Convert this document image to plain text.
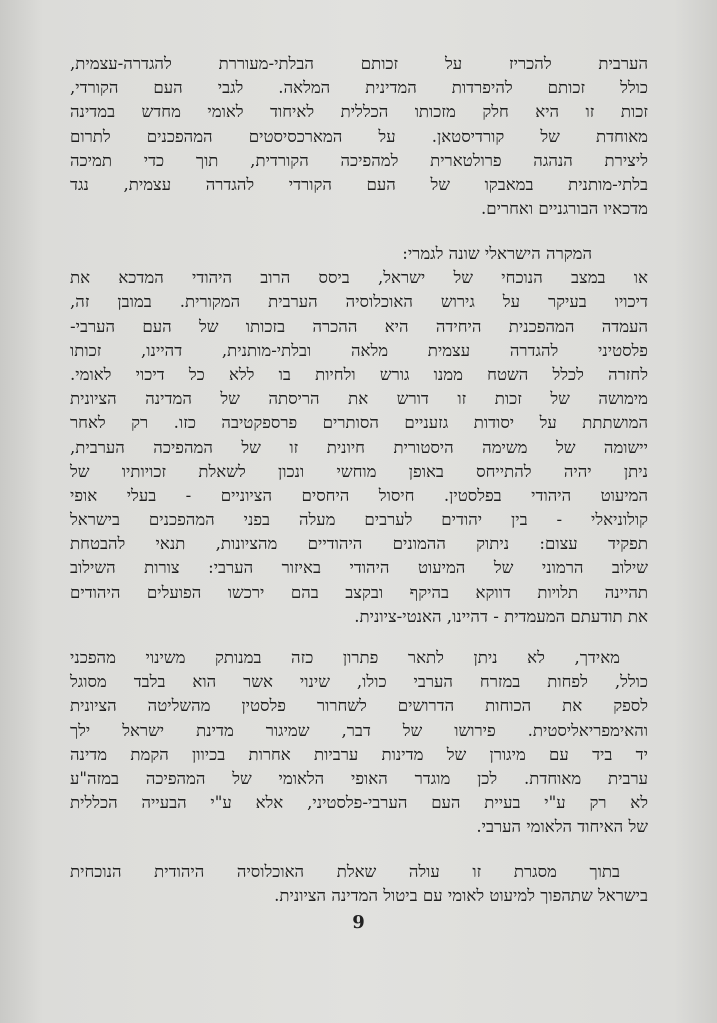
הערבית להכריז על זכותם הבלתי-מעוררת להגדרה-עצמית,
כולל זכותם להיפרדות המדינית המלאה. לגבי העם הקורדי,
זכות זו היא חלק מזכותו הכללית לאיחוד לאומי מחדש במדינה
מאוחדת של קורדיסטאן. על המארכסיסטים המהפכנים לתרום
ליצירת הנהגה פרולטארית למהפיכה הקורדית, תוך כדי תמיכה
בלתי-מותנית במאבקו של העם הקורדי להגדרה עצמית, נגד
מדכאיו הבורגניים ואחרים.
המקרה הישראלי שונה לגמרי:
או במצב הנוכחי של ישראל, ביסס הרוב היהודי המדכא את
דיכויו בעיקר על גירוש האוכלוסיה הערבית המקורית. במובן זה,
העמדה המהפכנית היחידה היא ההכרה בזכותו של העם הערבי-
פלסטיני להגדרה עצמית מלאה ובלתי-מותנית, דהיינו, זכותו
לחזרה לכלל השטח ממנו גורש ולחיות בו ללא כל דיכוי לאומי.
מימושה של זכות זו דורש את הריסתה של המדינה הציונית
המושתתת על יסודות גזעניים הסותרים פרספקטיבה כזו. רק לאחר
יישומה של משימה היסטורית חיונית זו של המהפיכה הערבית,
ניתן יהיה להתייחס באופן מוחשי ונכון לשאלת זכויותיו של
המיעוט היהודי בפלסטין. חיסול היחסים הציוניים - בעלי אופי
קולוניאלי - בין יהודים לערבים מעלה בפני המהפכנים בישראל
תפקיד עצום: ניתוק ההמונים היהודיים מהציונות, תנאי להבטחת
שילוב הרמוני של המיעוט היהודי באיזור הערבי: צורות השילוב
תהיינה תלויות דווקא בהיקף ובקצב בהם ירכשו הפועלים היהודים
את תודעתם המעמדית - דהיינו, האנטי-ציונית.
מאידך, לא ניתן לתאר פתרון כזה במנותק משינוי מהפכני
כולל, לפחות במזרח הערבי כולו, שינוי אשר הוא בלבד מסוגל
לספק את הכוחות הדרושים לשחרור פלסטין מהשליטה הציונית
והאימפריאליסטית. פירושו של דבר, שמיגור מדינת ישראל ילך
יד ביד עם מיגורן של מדינות ערביות אחרות בכיוון הקמת מדינה
ערבית מאוחדת. לכן מוגדר האופי הלאומי של המהפיכה במזה"ע
לא רק ע"י בעיית העם הערבי-פלסטיני, אלא ע"י הבעייה הכללית
של האיחוד הלאומי הערבי.
בתוך מסגרת זו עולה שאלת האוכלוסיה היהודית הנוכחית
בישראל שתהפוך למיעוט לאומי עם ביטול המדינה הציונית.
9
